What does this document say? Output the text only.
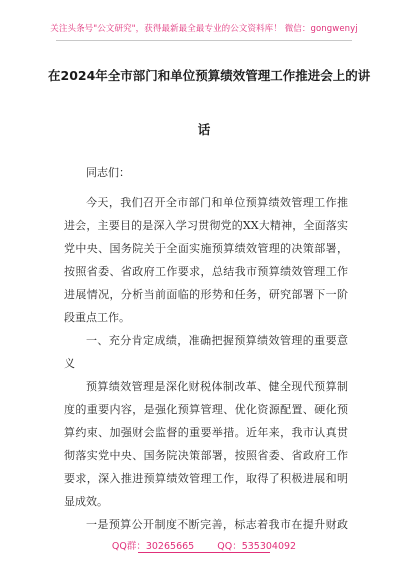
关注头条号"公文研究"，获得最新最全最专业的公文资料库！ 微信：gongwenyj
在2024年全市部门和单位预算绩效管理工作推进会上的讲
话
同志们：
今天，我们召开全市部门和单位预算绩效管理工作推
进会，主要目的是深入学习贯彻党的XX大精神，全面落实
党中央、国务院关于全面实施预算绩效管理的决策部署，
按照省委、省政府工作要求，总结我市预算绩效管理工作
进展情况，分析当前面临的形势和任务，研究部署下一阶
段重点工作。
一、充分肯定成绩，准确把握预算绩效管理的重要意
义
预算绩效管理是深化财税体制改革、健全现代预算制
度的重要内容，是强化预算管理、优化资源配置、硬化预
算约束、加强财会监督的重要举措。近年来，我市认真贯
彻落实党中央、国务院决策部署，按照省委、省政府工作
要求，深入推进预算绩效管理工作，取得了积极进展和明
显成效。
一是预算公开制度不断完善，标志着我市在提升财政
QQ群：30265665 QQ：535304092
